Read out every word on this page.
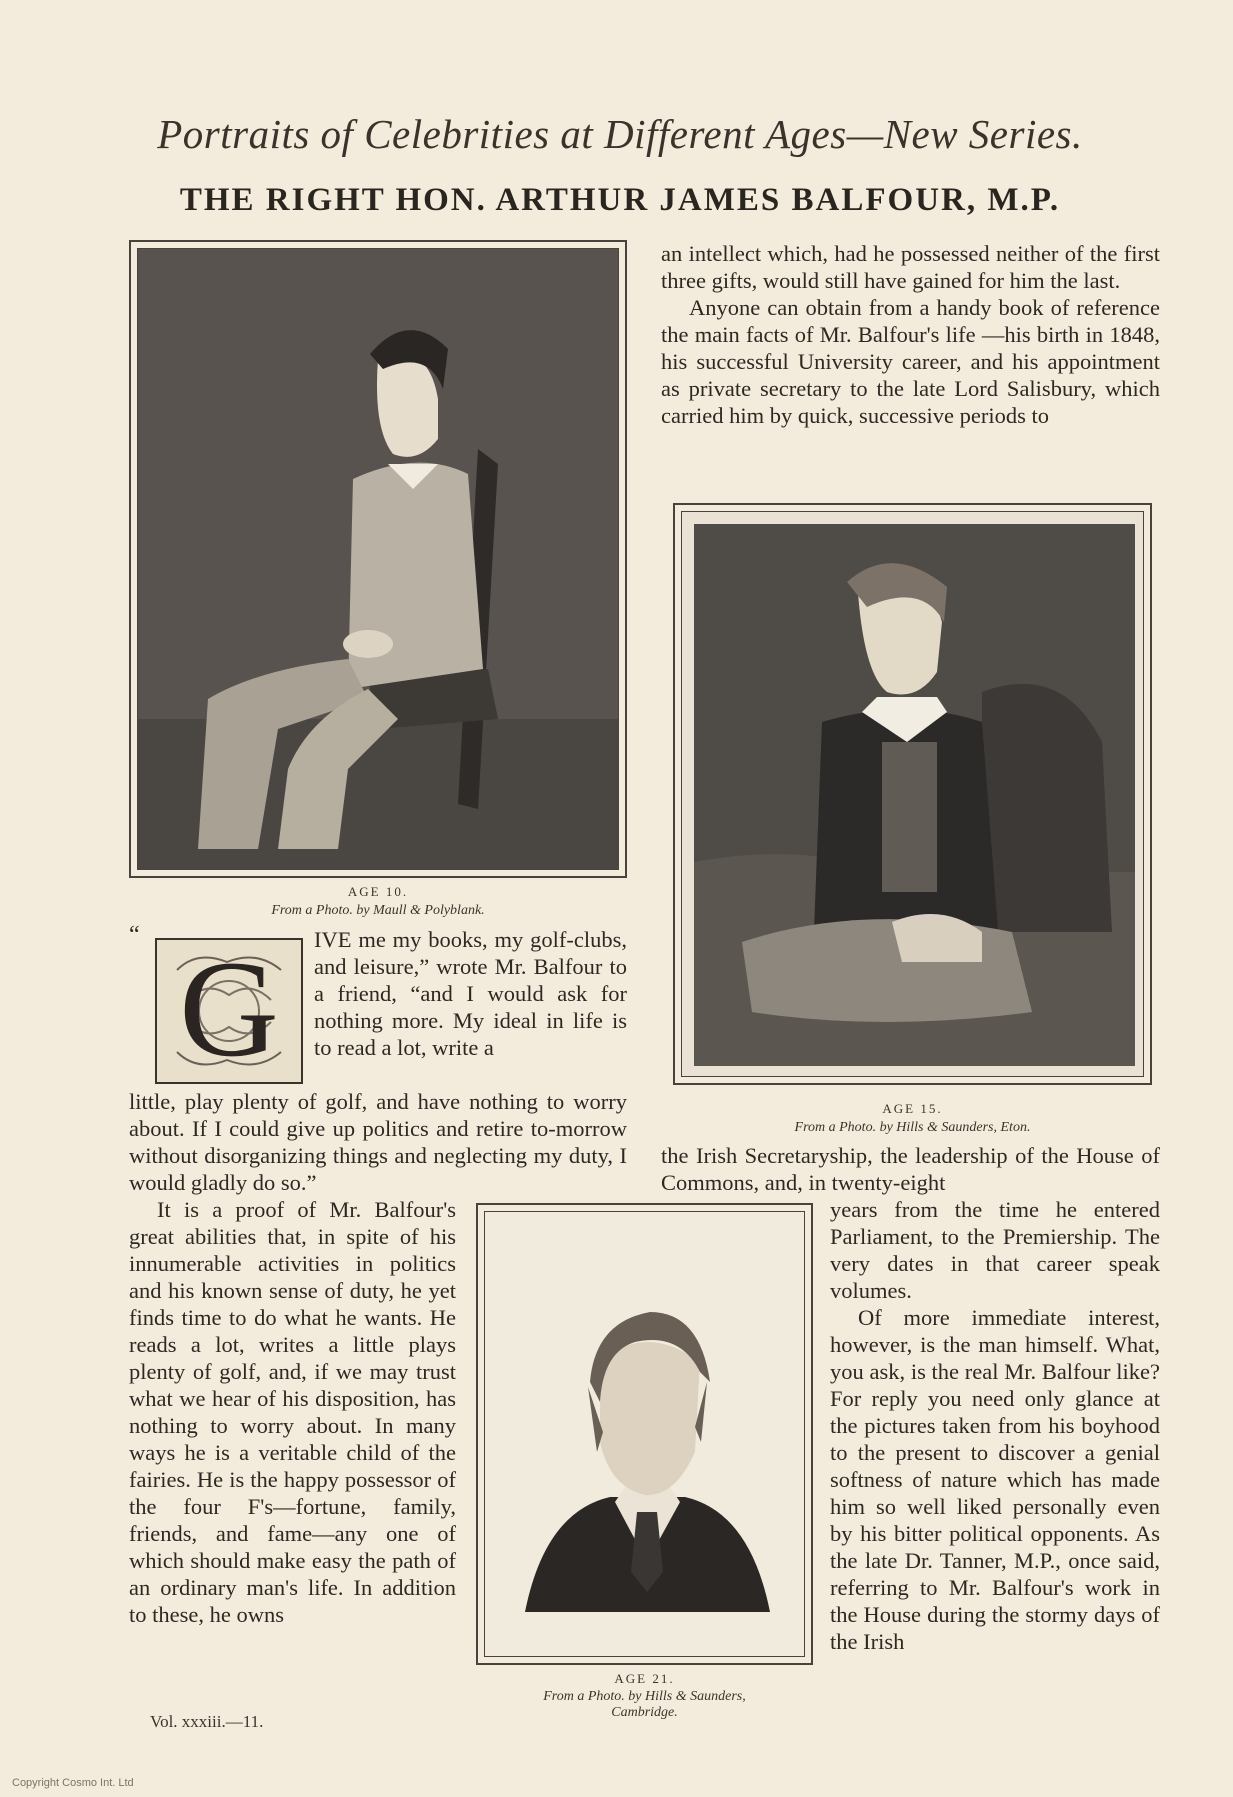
Portraits of Celebrities at Different Ages—New Series.
THE RIGHT HON. ARTHUR JAMES BALFOUR, M.P.
AGE 10.
From a Photo. by Maull & Polyblank.
AGE 15.
From a Photo. by Hills & Saunders, Eton.
AGE 21.
From a Photo. by Hills & Saunders,
Cambridge.

an intellect which, had he possessed neither of the first three gifts, would still have gained for him the last.

Anyone can obtain from a handy book of reference the main facts of Mr. Balfour's life —his birth in 1848, his successful University career, and his appointment as private secretary to the late Lord Salisbury, which carried him by quick, successive periods to

“ G	IVE me my books, my golf-clubs, and leisure,” wrote Mr. Balfour to a friend, “and I would ask for nothing more. My ideal in life is to read a lot, write a
little, play plenty of golf, and have nothing to worry about. If I could give up politics and retire to-morrow without disorganizing things and neglecting my duty, I would gladly do so.”
the Irish Secretaryship, the leadership of the House of Commons, and, in twenty-eight

years from the time he entered Parliament, to the Premiership. The very dates in that career speak volumes.

Of more immediate interest, however, is the man himself. What, you ask, is the real Mr. Balfour like? For reply you need only glance at the pictures taken from his boyhood to the present to discover a genial softness of nature which has made him so well liked personally even by his bitter political opponents. As the late Dr. Tanner, M.P., once said, referring to Mr. Balfour's work in the House during the stormy days of the Irish

It is a proof of Mr. Balfour's great abilities that, in spite of his innumerable activities in politics and his known sense of duty, he yet finds time to do what he wants. He reads a lot, writes a little plays plenty of golf, and, if we may trust what we hear of his disposition, has nothing to worry about. In many ways he is a veritable child of the fairies. He is the happy possessor of the four F's—fortune, family, friends, and fame—any one of which should make easy the path of an ordinary man's life. In addition to these, he owns
Vol. xxxiii.—11.
Copyright Cosmo Int. Ltd
